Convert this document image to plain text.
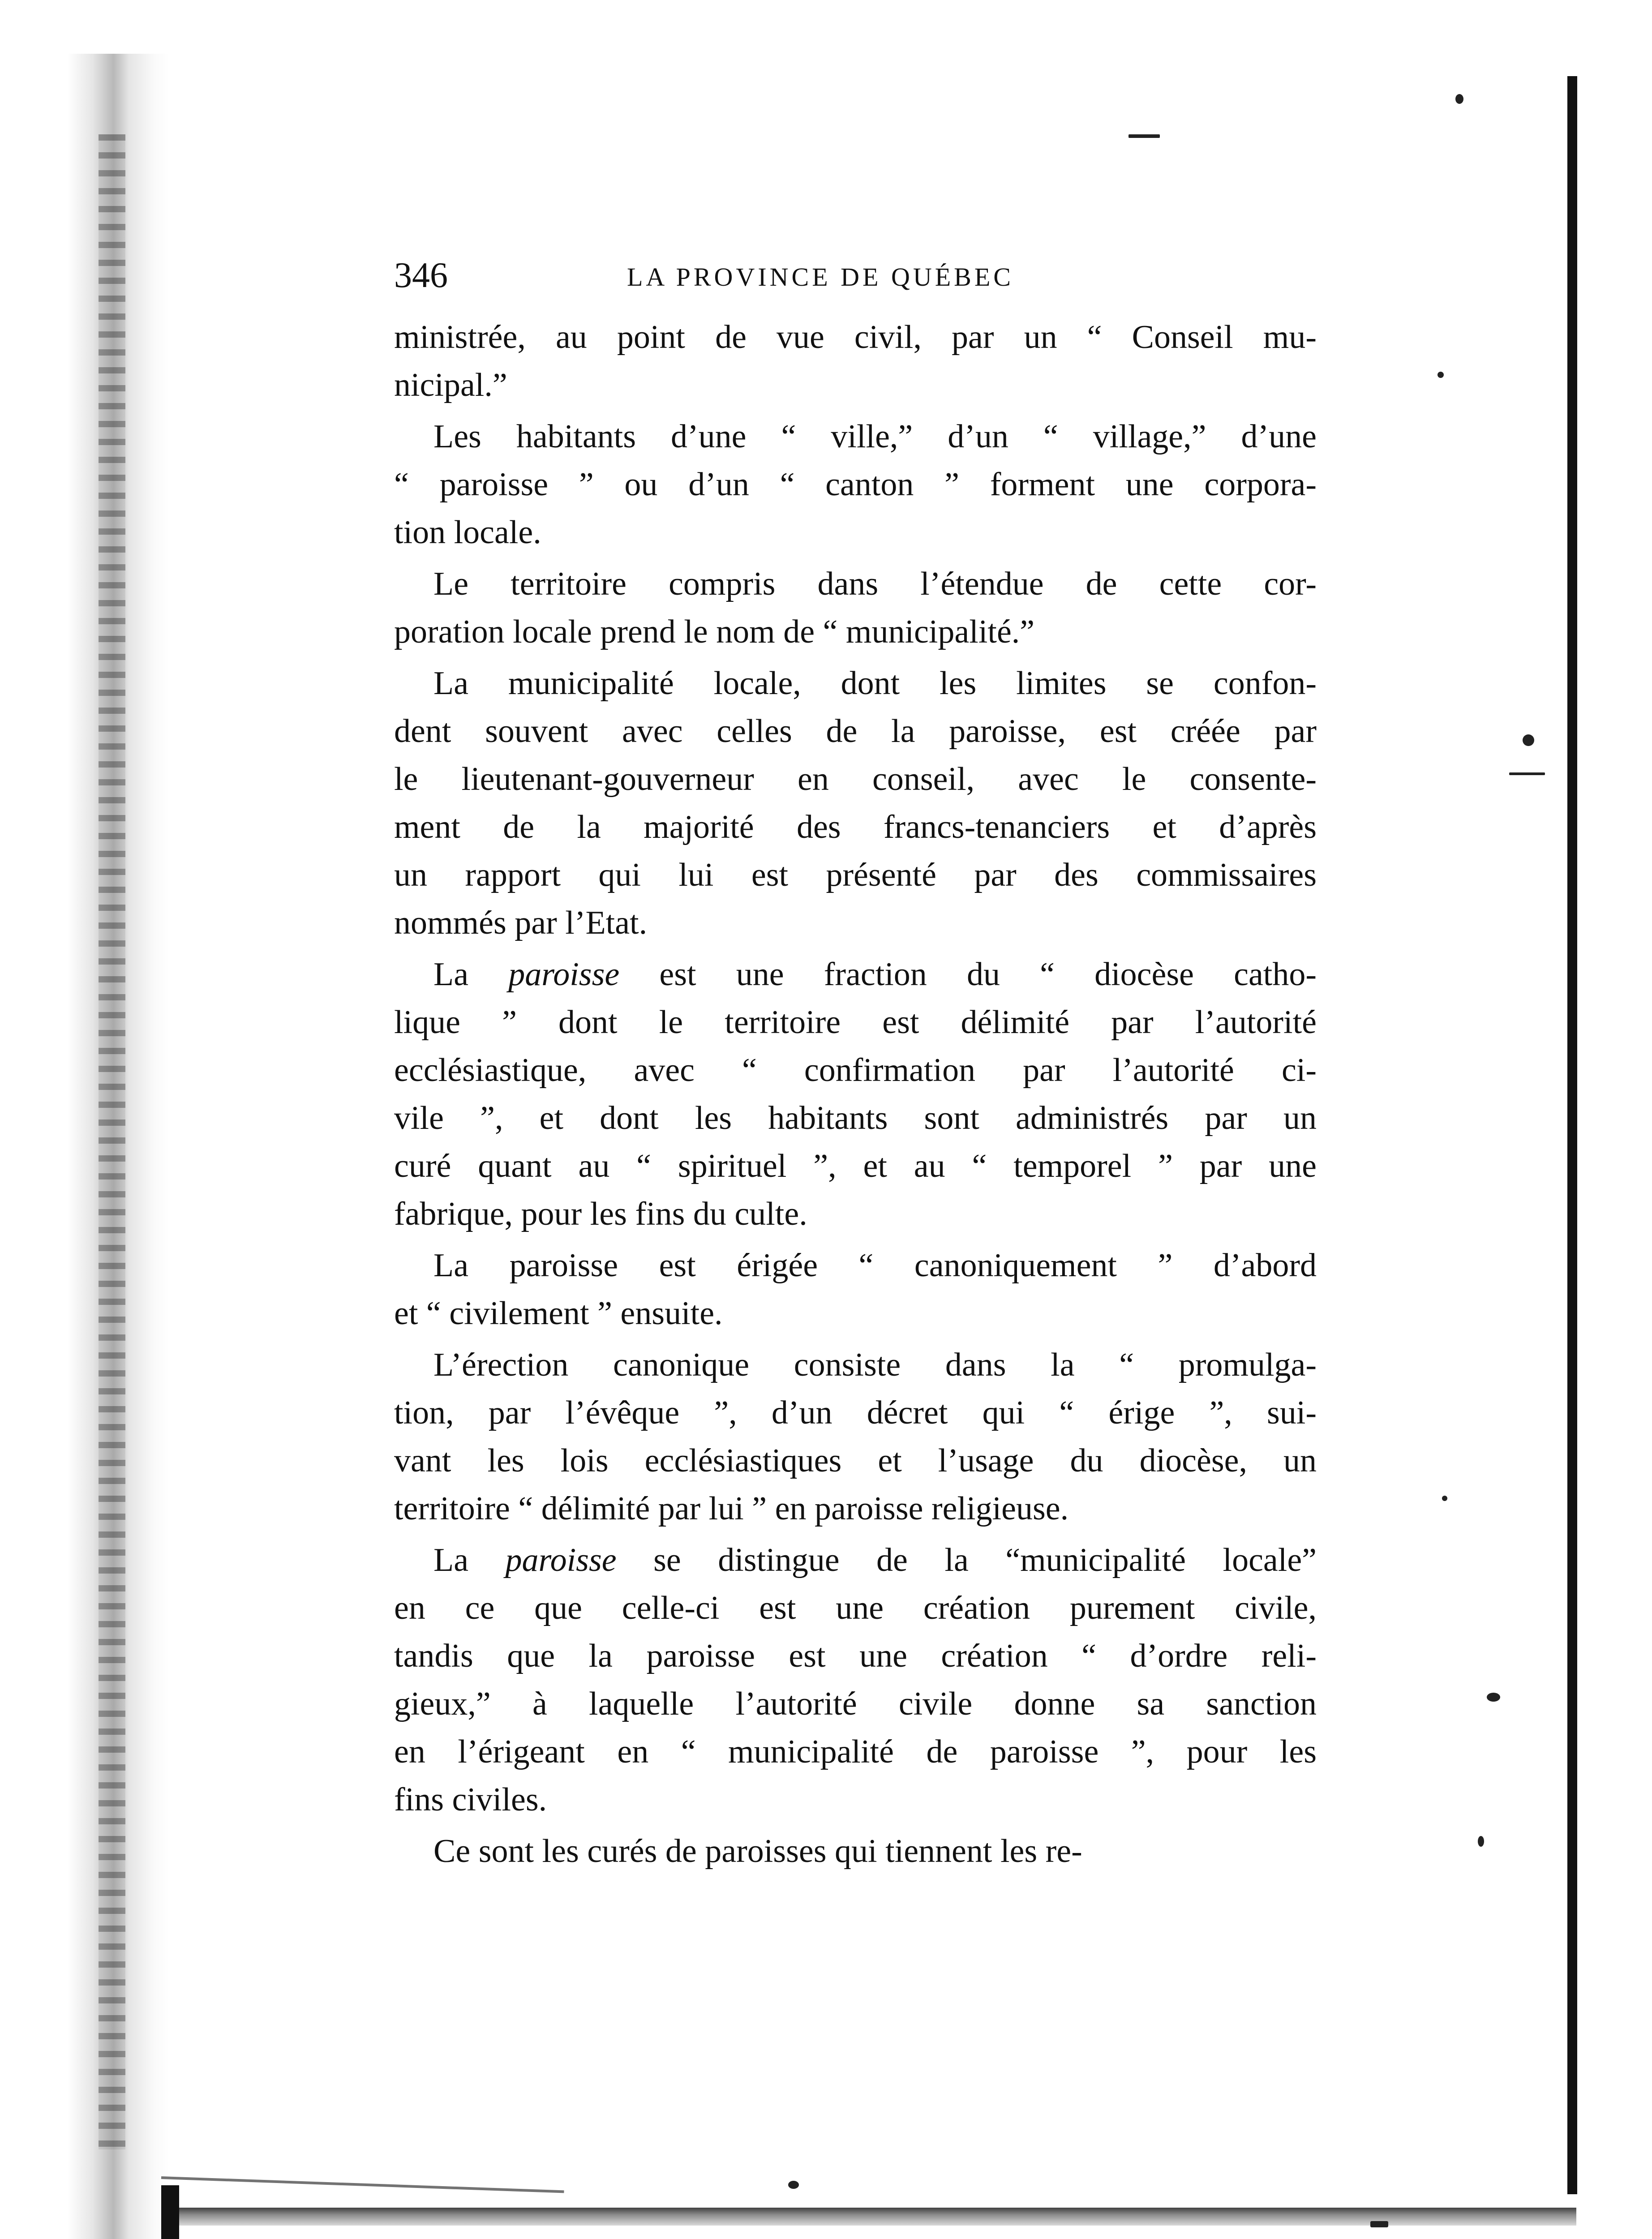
346	LA PROVINCE DE QUÉBEC
ministrée, au point de vue civil, par un “ Conseil mu-
nicipal.”
Les habitants d’une “ ville,” d’un “ village,” d’une
“ paroisse ” ou d’un “ canton ” forment une corpora-
tion locale.
Le territoire compris dans l’étendue de cette cor-
poration locale prend le nom de “ municipalité.”
La municipalité locale, dont les limites se confon-
dent souvent avec celles de la paroisse, est créée par
le lieutenant-gouverneur en conseil, avec le consente-
ment de la majorité des francs-tenanciers et d’après
un rapport qui lui est présenté par des commissaires
nommés par l’Etat.
La paroisse est une fraction du “ diocèse catho-
lique ” dont le territoire est délimité par l’autorité
ecclésiastique, avec “ confirmation par l’autorité ci-
vile ”, et dont les habitants sont administrés par un
curé quant au “ spirituel ”, et au “ temporel ” par une
fabrique, pour les fins du culte.
La paroisse est érigée “ canoniquement ” d’abord
et “ civilement ” ensuite.
L’érection canonique consiste dans la “ promulga-
tion, par l’évêque ”, d’un décret qui “ érige ”, sui-
vant les lois ecclésiastiques et l’usage du diocèse, un
territoire “ délimité par lui ” en paroisse religieuse.
La paroisse se distingue de la “municipalité locale”
en ce que celle-ci est une création purement civile,
tandis que la paroisse est une création “ d’ordre reli-
gieux,” à laquelle l’autorité civile donne sa sanction
en l’érigeant en “ municipalité de paroisse ”, pour les
fins civiles.
Ce sont les curés de paroisses qui tiennent les re-
